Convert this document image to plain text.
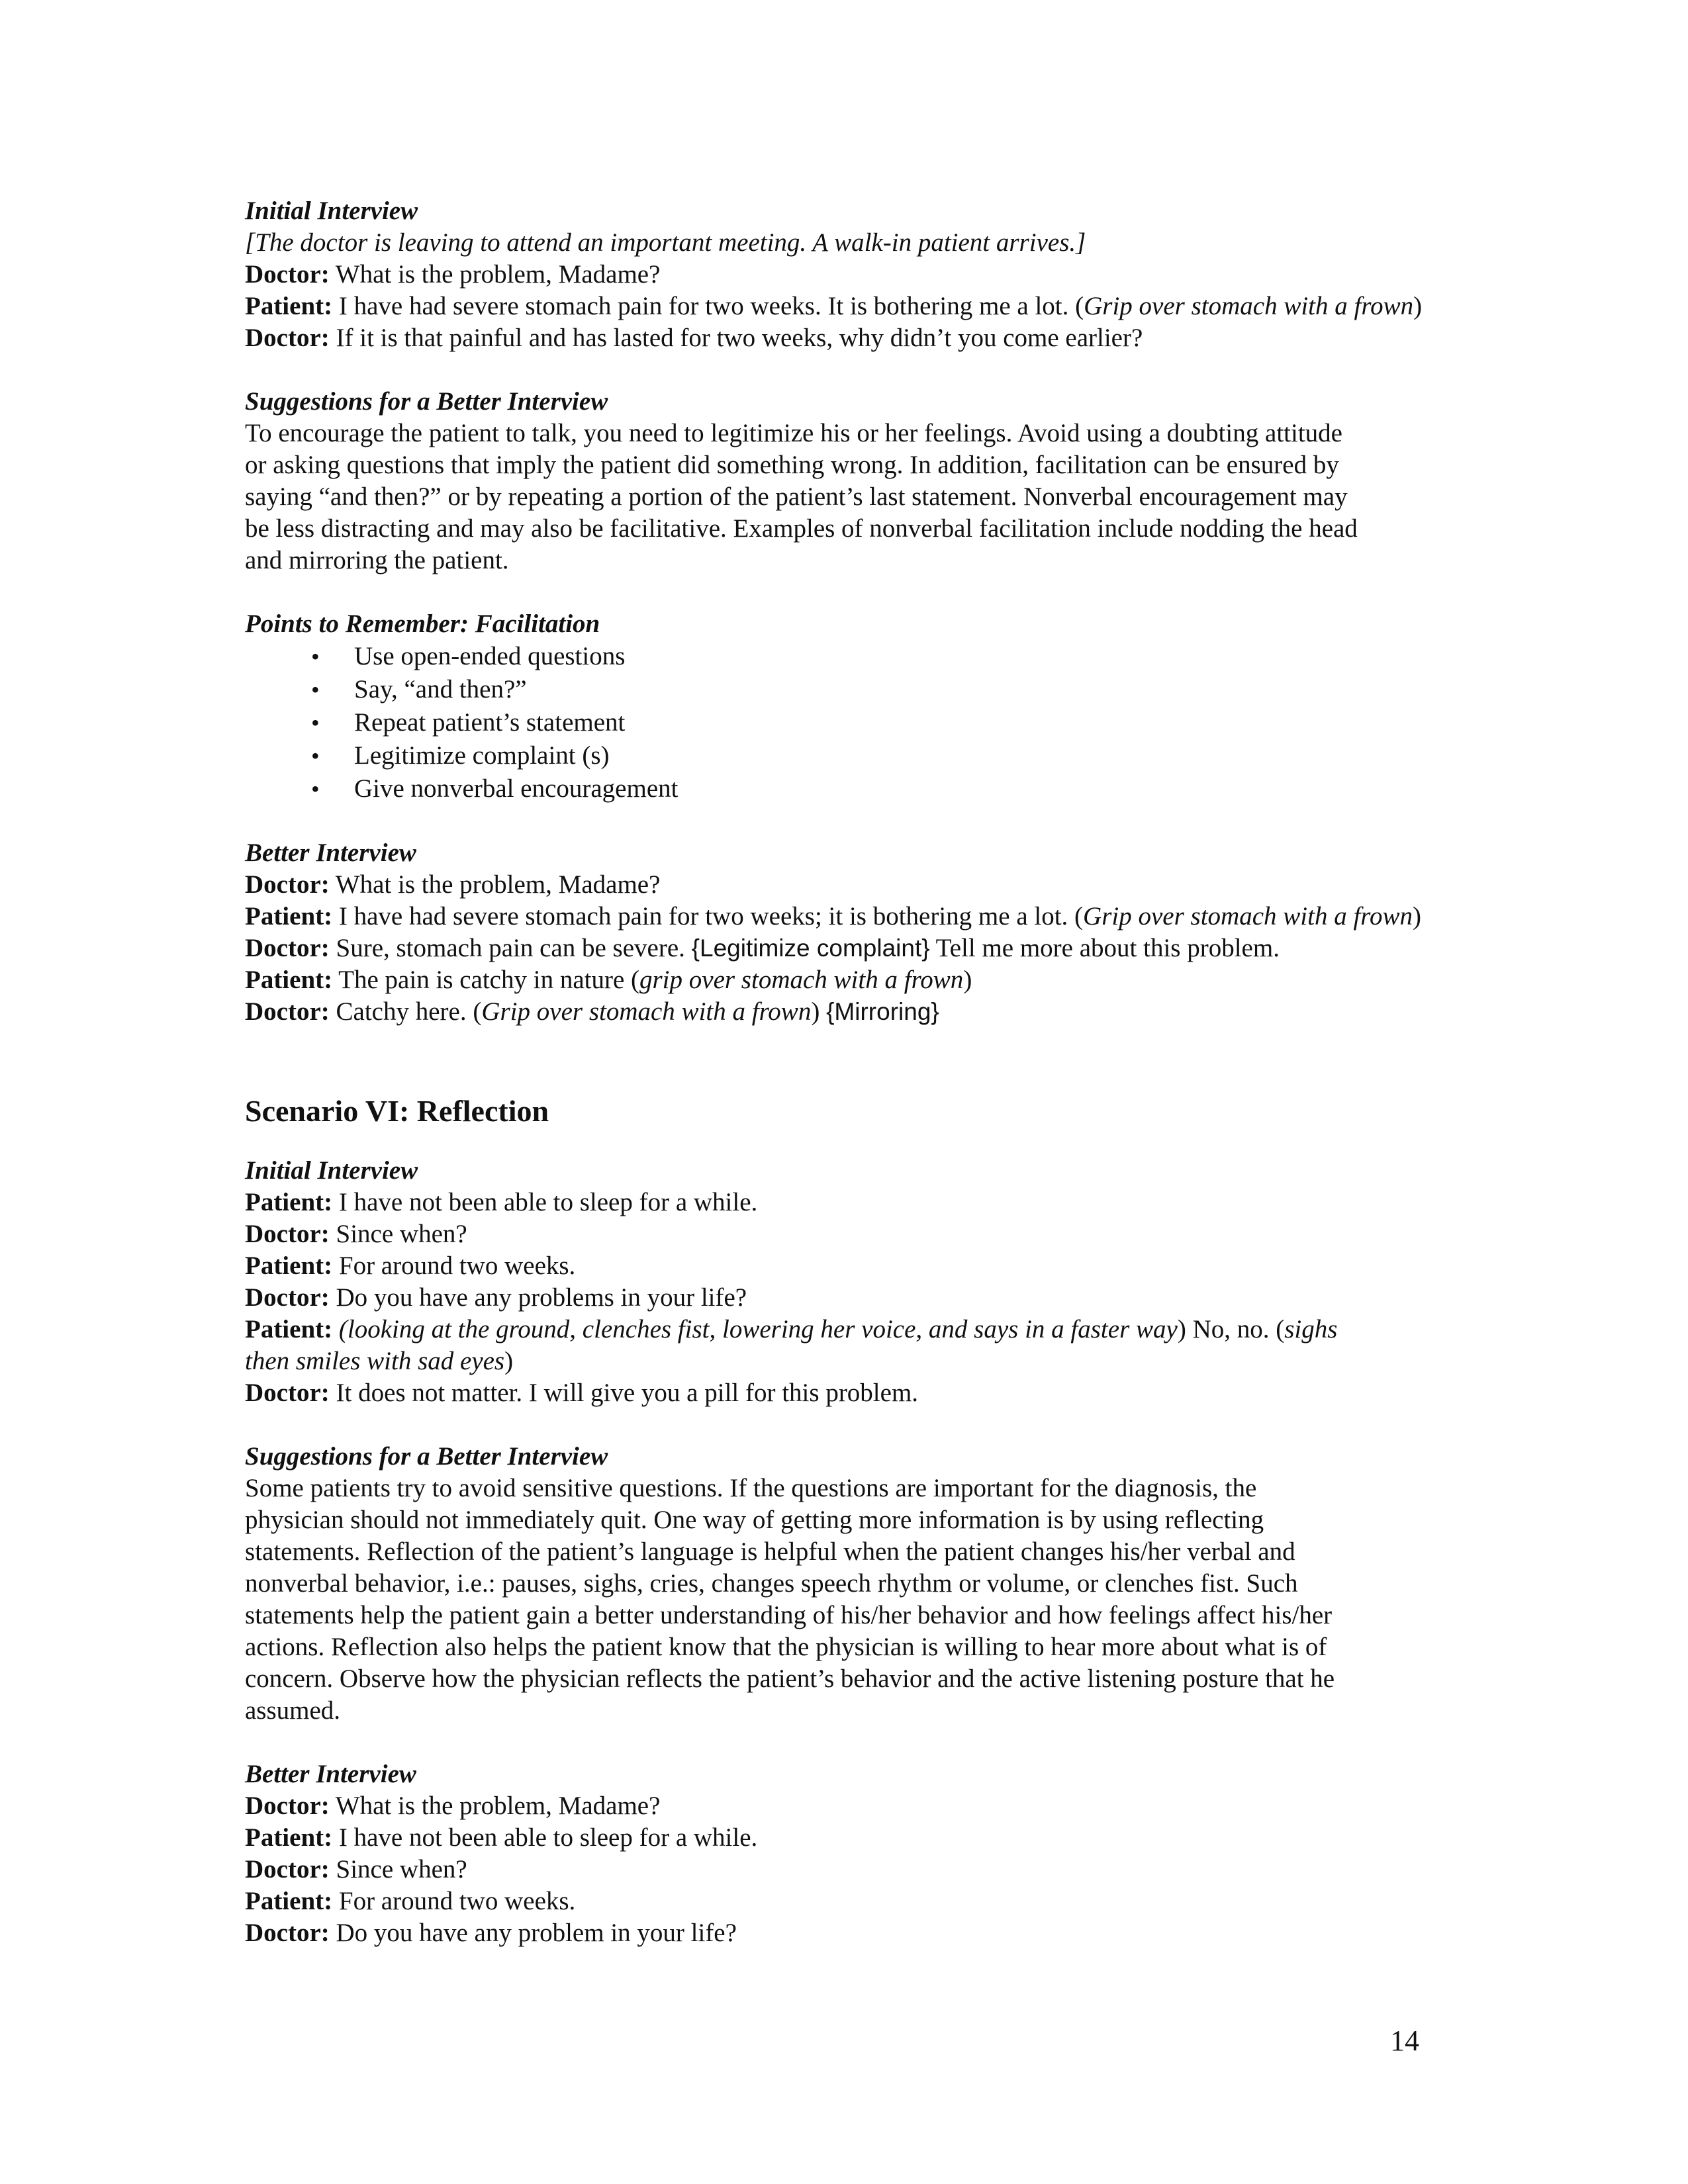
Initial Interview
[The doctor is leaving to attend an important meeting. A walk-in patient arrives.]
Doctor: What is the problem, Madame?
Patient: I have had severe stomach pain for two weeks. It is bothering me a lot. (Grip over stomach with a frown)
Doctor: If it is that painful and has lasted for two weeks, why didn’t you come earlier?
Suggestions for a Better Interview
To encourage the patient to talk, you need to legitimize his or her feelings. Avoid using a doubting attitude
or asking questions that imply the patient did something wrong. In addition, facilitation can be ensured by
saying “and then?” or by repeating a portion of the patient’s last statement. Nonverbal encouragement may
be less distracting and may also be facilitative. Examples of nonverbal facilitation include nodding the head
and mirroring the patient.
Points to Remember: Facilitation
• Use open-ended questions
• Say, “and then?”
• Repeat patient’s statement
• Legitimize complaint (s)
• Give nonverbal encouragement
Better Interview
Doctor: What is the problem, Madame?
Patient: I have had severe stomach pain for two weeks; it is bothering me a lot. (Grip over stomach with a frown)
Doctor: Sure, stomach pain can be severe. {Legitimize complaint} Tell me more about this problem.
Patient: The pain is catchy in nature (grip over stomach with a frown)
Doctor: Catchy here. (Grip over stomach with a frown) {Mirroring}
Scenario VI: Reflection
Initial Interview
Patient: I have not been able to sleep for a while.
Doctor: Since when?
Patient: For around two weeks.
Doctor: Do you have any problems in your life?
Patient: (looking at the ground, clenches fist, lowering her voice, and says in a faster way) No, no. (sighs
then smiles with sad eyes)
Doctor: It does not matter. I will give you a pill for this problem.
Suggestions for a Better Interview
Some patients try to avoid sensitive questions. If the questions are important for the diagnosis, the
physician should not immediately quit. One way of getting more information is by using reflecting
statements. Reflection of the patient’s language is helpful when the patient changes his/her verbal and
nonverbal behavior, i.e.: pauses, sighs, cries, changes speech rhythm or volume, or clenches fist. Such
statements help the patient gain a better understanding of his/her behavior and how feelings affect his/her
actions. Reflection also helps the patient know that the physician is willing to hear more about what is of
concern. Observe how the physician reflects the patient’s behavior and the active listening posture that he
assumed.
Better Interview
Doctor: What is the problem, Madame?
Patient: I have not been able to sleep for a while.
Doctor: Since when?
Patient: For around two weeks.
Doctor: Do you have any problem in your life?
14
